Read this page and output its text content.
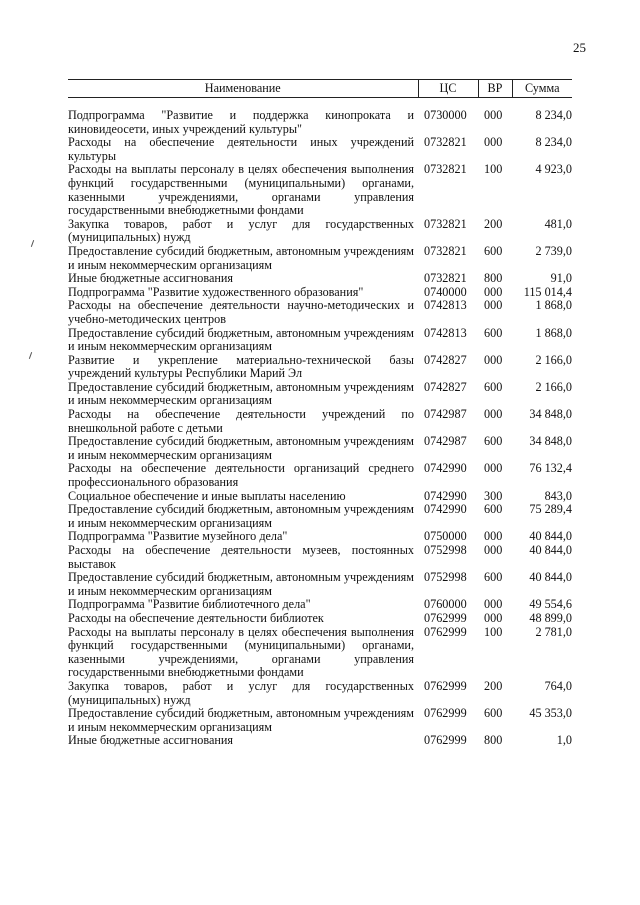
25
Наименование	ЦС	ВР	Сумма

Подпрограмма "Развитие и поддержка кинопроката и киновидеосети, иных учреждений культуры"	0730000	000	8 234,0
Расходы на обеспечение деятельности иных учреждений культуры	0732821	000	8 234,0
Расходы на выплаты персоналу в целях обеспечения выполнения функций государственными (муниципальными) органами, казенными учреждениями, органами управления государственными внебюджетными фондами	0732821	100	4 923,0
Закупка товаров, работ и услуг для государственных (муниципальных) нужд	0732821	200	481,0
Предоставление субсидий бюджетным, автономным учреждениям и иным некоммерческим организациям	0732821	600	2 739,0
Иные бюджетные ассигнования	0732821	800	91,0
Подпрограмма "Развитие художественного образования"	0740000	000	115 014,4
Расходы на обеспечение деятельности научно-методических и учебно-методических центров	0742813	000	1 868,0
Предоставление субсидий бюджетным, автономным учреждениям и иным некоммерческим организациям	0742813	600	1 868,0
Развитие и укрепление материально-технической базы учреждений культуры Республики Марий Эл	0742827	000	2 166,0
Предоставление субсидий бюджетным, автономным учреждениям и иным некоммерческим организациям	0742827	600	2 166,0
Расходы на обеспечение деятельности учреждений по внешкольной работе с детьми	0742987	000	34 848,0
Предоставление субсидий бюджетным, автономным учреждениям и иным некоммерческим организациям	0742987	600	34 848,0
Расходы на обеспечение деятельности организаций среднего профессионального образования	0742990	000	76 132,4
Социальное обеспечение и иные выплаты населению	0742990	300	843,0
Предоставление субсидий бюджетным, автономным учреждениям и иным некоммерческим организациям	0742990	600	75 289,4
Подпрограмма "Развитие музейного дела"	0750000	000	40 844,0
Расходы на обеспечение деятельности музеев, постоянных выставок	0752998	000	40 844,0
Предоставление субсидий бюджетным, автономным учреждениям и иным некоммерческим организациям	0752998	600	40 844,0
Подпрограмма "Развитие библиотечного дела"	0760000	000	49 554,6
Расходы на обеспечение деятельности библиотек	0762999	000	48 899,0
Расходы на выплаты персоналу в целях обеспечения выполнения функций государственными (муниципальными) органами, казенными учреждениями, органами управления государственными внебюджетными фондами	0762999	100	2 781,0
Закупка товаров, работ и услуг для государственных (муниципальных) нужд	0762999	200	764,0
Предоставление субсидий бюджетным, автономным учреждениям и иным некоммерческим организациям	0762999	600	45 353,0
Иные бюджетные ассигнования	0762999	800	1,0
